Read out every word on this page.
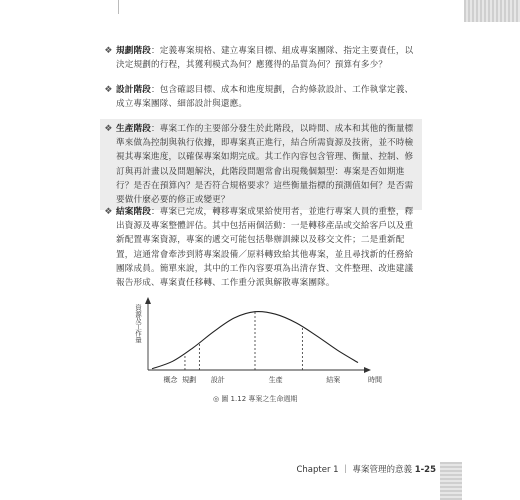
❖ 規劃階段：定義專案規格、建立專案目標、組成專案團隊、指定主要責任，以決定規劃的行程，其獲利模式為何？應獲得的品質為何？預算有多少？
❖ 設計階段：包含確認目標、成本和進度規劃，合約條款設計、工作執掌定義、成立專案團隊、細部設計與還應。
❖ 生產階段：專案工作的主要部分發生於此階段，以時間、成本和其他的衡量標準來做為控制與執行依據，即專案真正進行，結合所需資源及技術，並不時檢視其專案進度，以確保專案如期完成。其工作內容包含管理、衡量、控制、修訂與再計畫以及問題解決，此階段問題常會出現幾個類型：專案是否如期進行？是否在預算內？是否符合規格要求？這些衡量指標的預測值如何？是否需要做什麼必要的修正或變更？
❖ 結案階段：專案已完成，轉移專案成果給使用者，並進行專案人員的重整，釋出資源及專案整體評估。其中包括兩個活動：一是轉移產品或交給客戶以及重新配置專案資源，專案的遞交可能包括舉辦訓練以及移交文件；二是重新配置，這通常會牽涉到將專案設備／原料轉致給其他專案，並且尋找新的任務給團隊成員。簡單來說，其中的工作內容要項為出清存貨、文件整理、改進建議報告形成、專案責任移轉、工作重分派與解散專案團隊。
資源及工作量
時間
概念 規劃 設計	生產	結案
◎ 圖 1.12 專案之生命週期
Chapter 1 ｜ 專案管理的意義 1-25
